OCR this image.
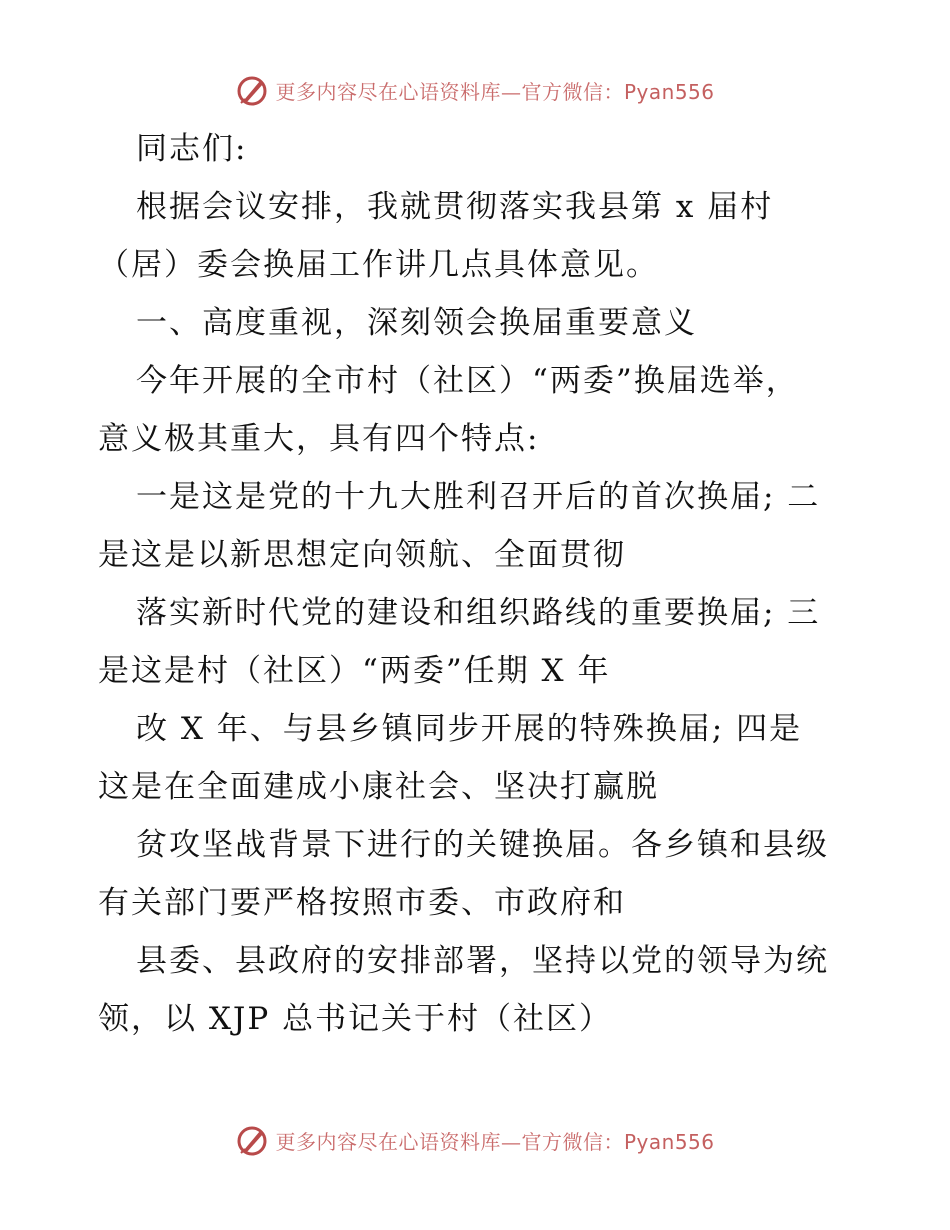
更多内容尽在心语资料库—官方微信：Pyan556
同志们:
根据会议安排，我就贯彻落实我县第 x 届村
（居）委会换届工作讲几点具体意见。
一、高度重视，深刻领会换届重要意义
今年开展的全市村（社区）“两委”换届选举，
意义极其重大，具有四个特点:
一是这是党的十九大胜利召开后的首次换届; 二
是这是以新思想定向领航、全面贯彻
落实新时代党的建设和组织路线的重要换届; 三
是这是村（社区）“两委”任期 X 年
改 X 年、与县乡镇同步开展的特殊换届; 四是
这是在全面建成小康社会、坚决打赢脱
贫攻坚战背景下进行的关键换届。各乡镇和县级
有关部门要严格按照市委、市政府和
县委、县政府的安排部署，坚持以党的领导为统
领，以 XJP 总书记关于村（社区）
更多内容尽在心语资料库—官方微信：Pyan556
